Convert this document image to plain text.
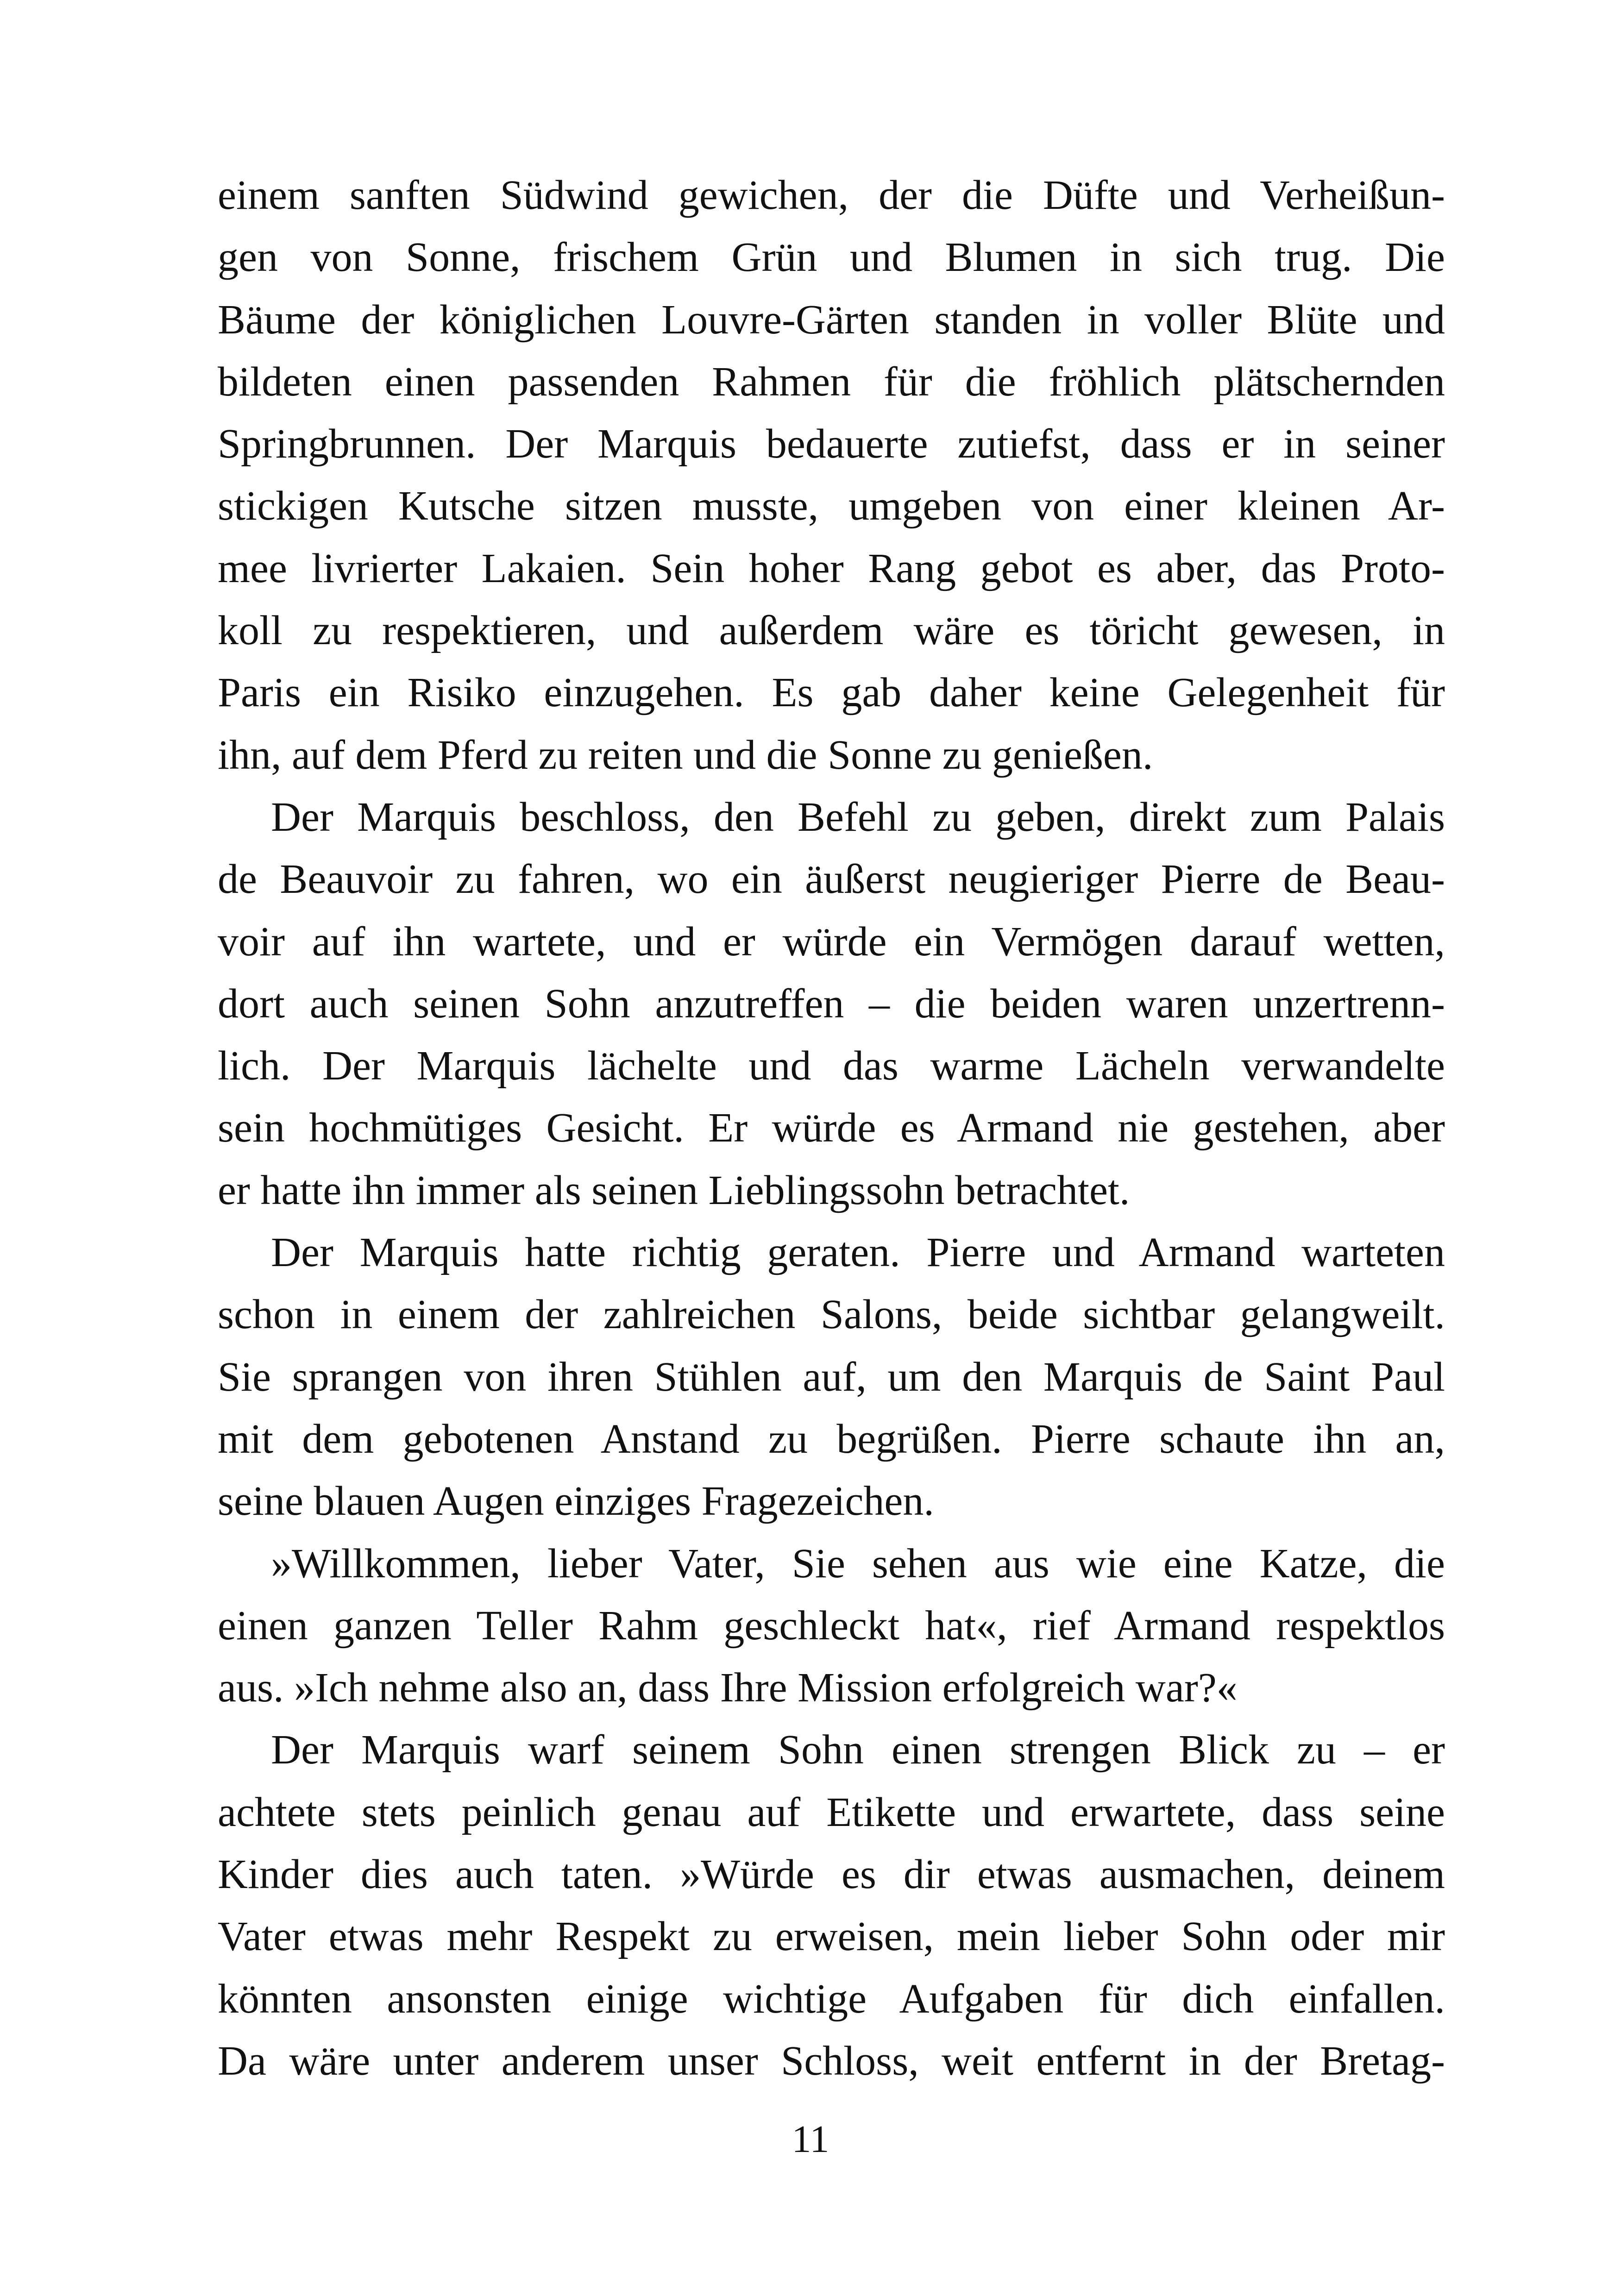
einem sanften Südwind gewichen, der die Düfte und Verheißun-
gen von Sonne, frischem Grün und Blumen in sich trug. Die
Bäume der königlichen Louvre-Gärten standen in voller Blüte und
bildeten einen passenden Rahmen für die fröhlich plätschernden
Springbrunnen. Der Marquis bedauerte zutiefst, dass er in seiner
stickigen Kutsche sitzen musste, umgeben von einer kleinen Ar-
mee livrierter Lakaien. Sein hoher Rang gebot es aber, das Proto-
koll zu respektieren, und außerdem wäre es töricht gewesen, in
Paris ein Risiko einzugehen. Es gab daher keine Gelegenheit für
ihn, auf dem Pferd zu reiten und die Sonne zu genießen.
Der Marquis beschloss, den Befehl zu geben, direkt zum Palais
de Beauvoir zu fahren, wo ein äußerst neugieriger Pierre de Beau-
voir auf ihn wartete, und er würde ein Vermögen darauf wetten,
dort auch seinen Sohn anzutreffen – die beiden waren unzertrenn-
lich. Der Marquis lächelte und das warme Lächeln verwandelte
sein hochmütiges Gesicht. Er würde es Armand nie gestehen, aber
er hatte ihn immer als seinen Lieblingssohn betrachtet.
Der Marquis hatte richtig geraten. Pierre und Armand warteten
schon in einem der zahlreichen Salons, beide sichtbar gelangweilt.
Sie sprangen von ihren Stühlen auf, um den Marquis de Saint Paul
mit dem gebotenen Anstand zu begrüßen. Pierre schaute ihn an,
seine blauen Augen einziges Fragezeichen.
»Willkommen, lieber Vater, Sie sehen aus wie eine Katze, die
einen ganzen Teller Rahm geschleckt hat«, rief Armand respektlos
aus. »Ich nehme also an, dass Ihre Mission erfolgreich war?«
Der Marquis warf seinem Sohn einen strengen Blick zu – er
achtete stets peinlich genau auf Etikette und erwartete, dass seine
Kinder dies auch taten. »Würde es dir etwas ausmachen, deinem
Vater etwas mehr Respekt zu erweisen, mein lieber Sohn oder mir
könnten ansonsten einige wichtige Aufgaben für dich einfallen.
Da wäre unter anderem unser Schloss, weit entfernt in der Bretag-
11
